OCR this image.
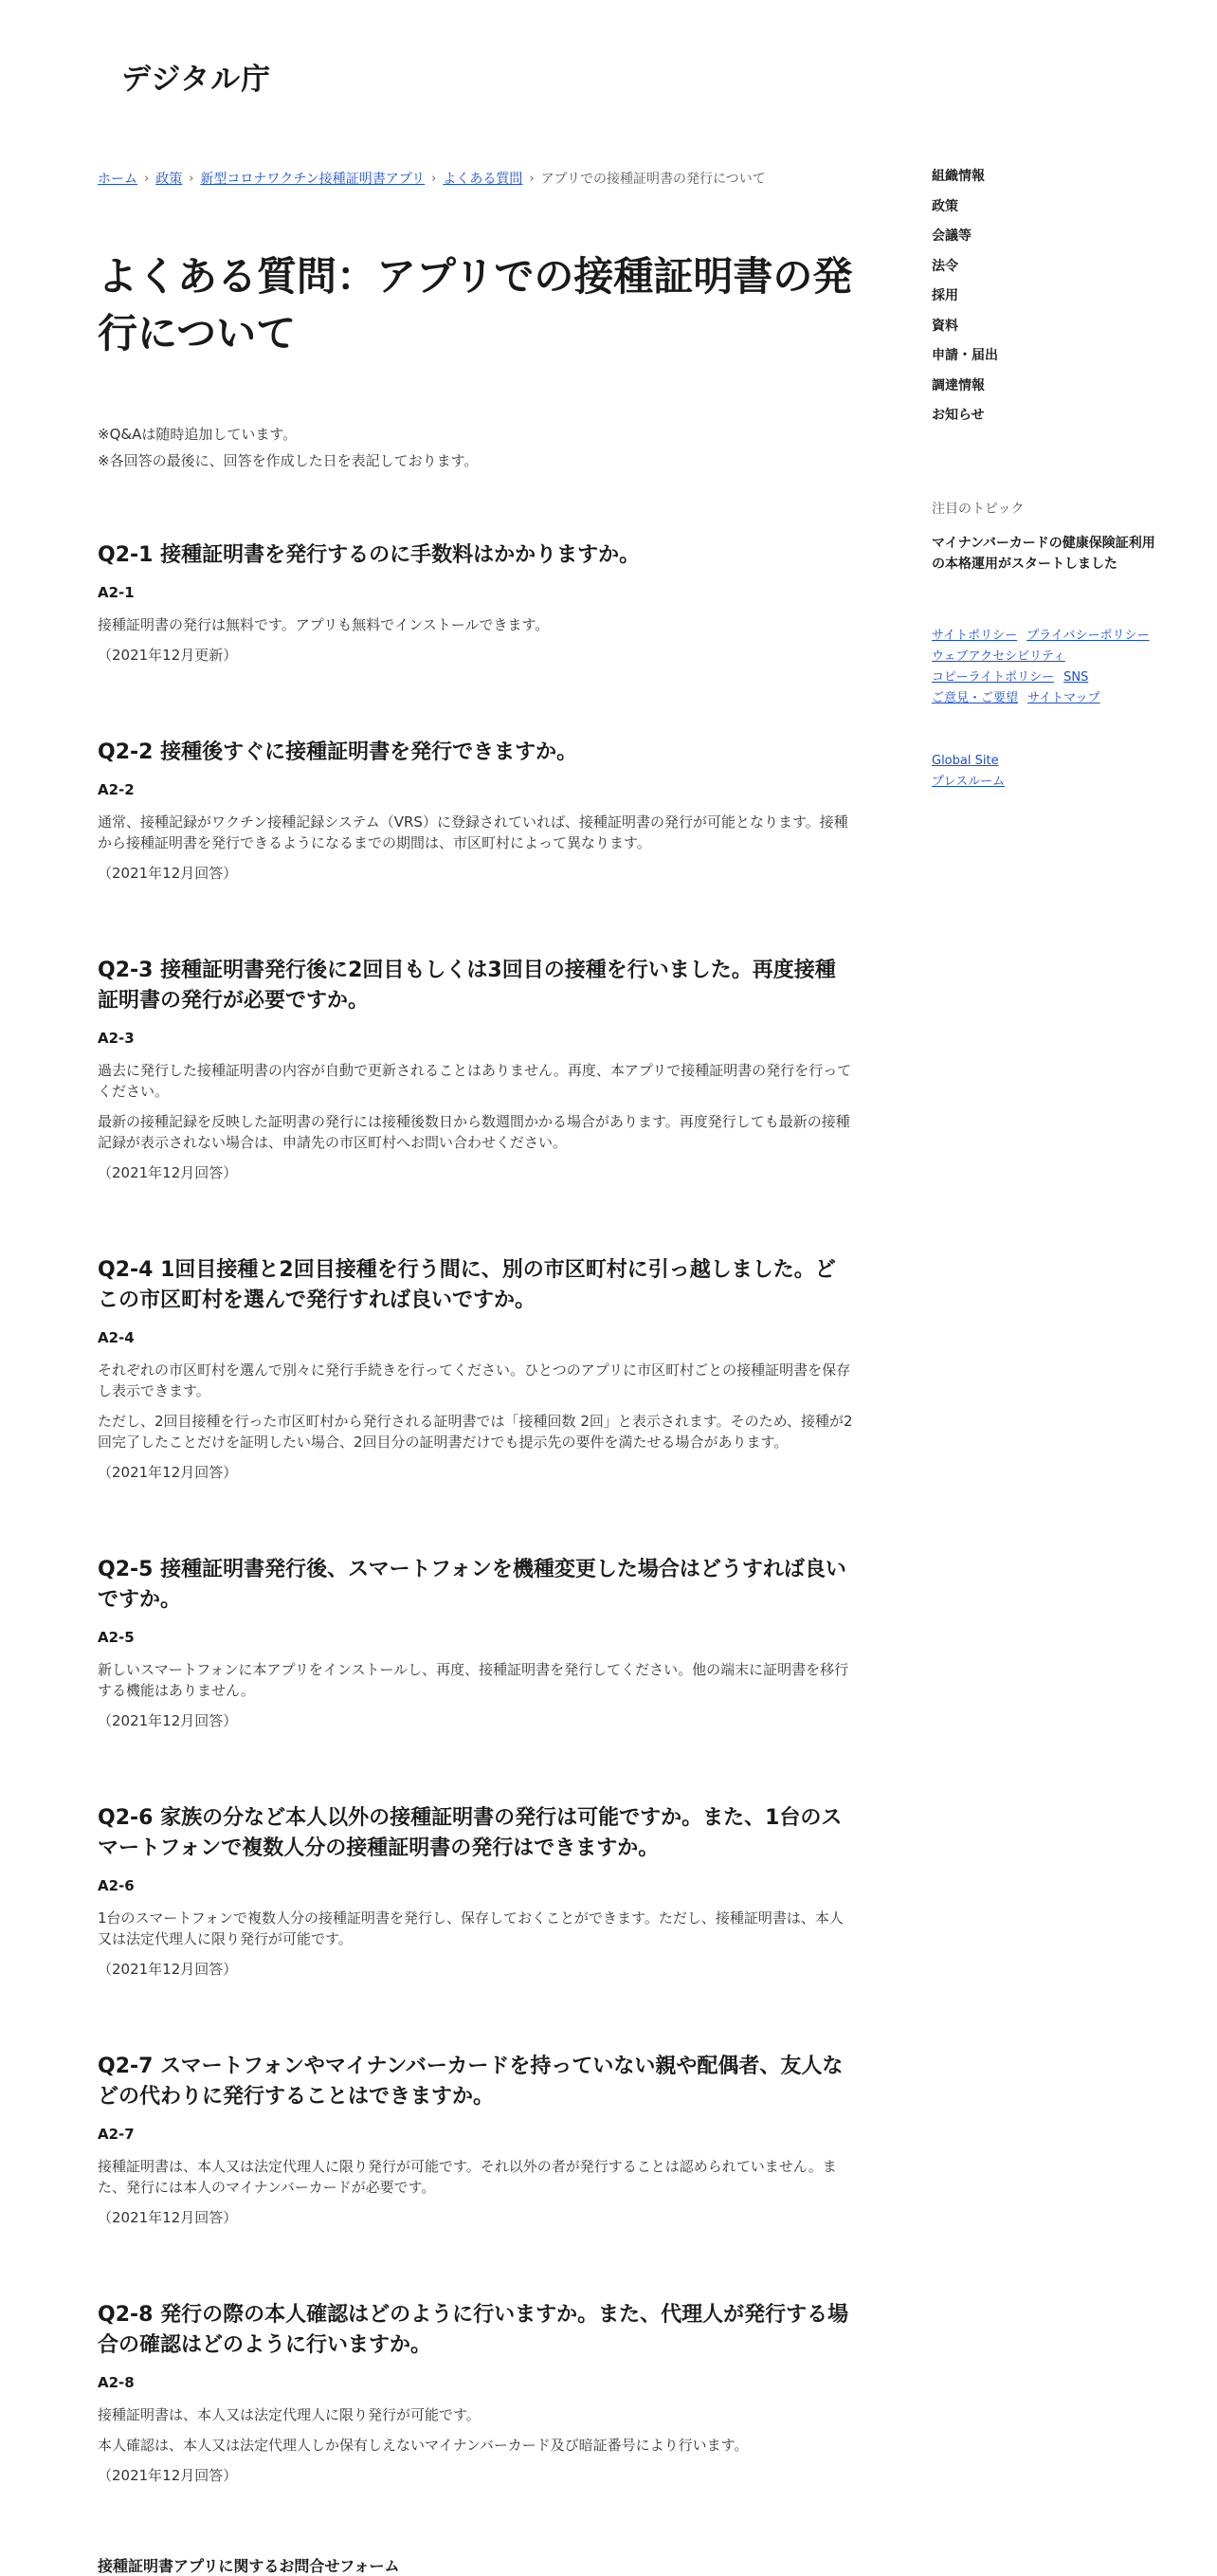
デジタル庁
ホーム › 政策 › 新型コロナワクチン接種証明書アプリ › よくある質問 › アプリでの接種証明書の発行について
よくある質問：アプリでの接種証明書の発行について
※Q&Aは随時追加しています。
※各回答の最後に、回答を作成した日を表記しております。
Q2-1 接種証明書を発行するのに手数料はかかりますか。
A2-1

接種証明書の発行は無料です。アプリも無料でインストールできます。

（2021年12月更新）
Q2-2 接種後すぐに接種証明書を発行できますか。
A2-2

通常、接種記録がワクチン接種記録システム（VRS）に登録されていれば、接種証明書の発行が可能となります。接種から接種証明書を発行できるようになるまでの期間は、市区町村によって異なります。

（2021年12月回答）
Q2-3 接種証明書発行後に2回目もしくは3回目の接種を行いました。再度接種証明書の発行が必要ですか。
A2-3

過去に発行した接種証明書の内容が自動で更新されることはありません。再度、本アプリで接種証明書の発行を行ってください。

最新の接種記録を反映した証明書の発行には接種後数日から数週間かかる場合があります。再度発行しても最新の接種記録が表示されない場合は、申請先の市区町村へお問い合わせください。

（2021年12月回答）
Q2-4 1回目接種と2回目接種を行う間に、別の市区町村に引っ越しました。どこの市区町村を選んで発行すれば良いですか。
A2-4

それぞれの市区町村を選んで別々に発行手続きを行ってください。ひとつのアプリに市区町村ごとの接種証明書を保存し表示できます。

ただし、2回目接種を行った市区町村から発行される証明書では「接種回数 2回」と表示されます。そのため、接種が2回完了したことだけを証明したい場合、2回目分の証明書だけでも提示先の要件を満たせる場合があります。

（2021年12月回答）
Q2-5 接種証明書発行後、スマートフォンを機種変更した場合はどうすれば良いですか。
A2-5

新しいスマートフォンに本アプリをインストールし、再度、接種証明書を発行してください。他の端末に証明書を移行する機能はありません。

（2021年12月回答）
Q2-6 家族の分など本人以外の接種証明書の発行は可能ですか。また、1台のスマートフォンで複数人分の接種証明書の発行はできますか。
A2-6

1台のスマートフォンで複数人分の接種証明書を発行し、保存しておくことができます。ただし、接種証明書は、本人又は法定代理人に限り発行が可能です。

（2021年12月回答）
Q2-7 スマートフォンやマイナンバーカードを持っていない親や配偶者、友人などの代わりに発行することはできますか。
A2-7

接種証明書は、本人又は法定代理人に限り発行が可能です。それ以外の者が発行することは認められていません。また、発行には本人のマイナンバーカードが必要です。

（2021年12月回答）
Q2-8 発行の際の本人確認はどのように行いますか。また、代理人が発行する場合の確認はどのように行いますか。
A2-8

接種証明書は、本人又は法定代理人に限り発行が可能です。

本人確認は、本人又は法定代理人しか保有しえないマイナンバーカード及び暗証番号により行います。

（2021年12月回答）
接種証明書アプリに関するお問合せフォーム
組織情報
政策
会議等
法令
採用
資料
申請・届出
調達情報
お知らせ
注目のトピック
マイナンバーカードの健康保険証利用の本格運用がスタートしました
サイトポリシー プライバシーポリシー
ウェブアクセシビリティ
コピーライトポリシー SNS
ご意見・ご要望 サイトマップ
Global Site
プレスルーム
